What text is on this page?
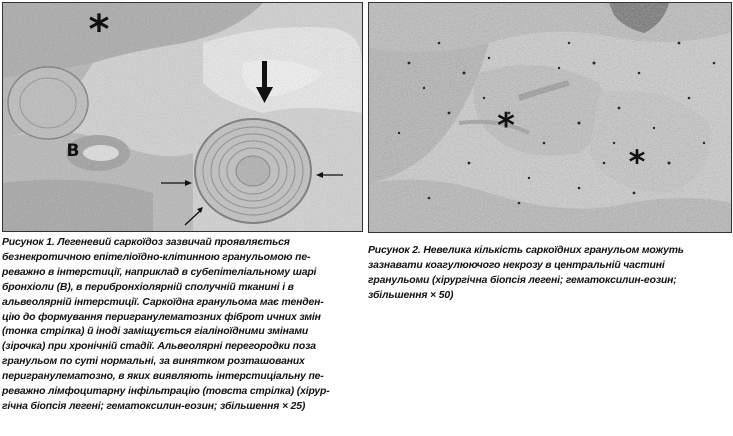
*
B
*
*

Рисунок 1. Легеневий саркоїдоз зазвичай проявляється
безнекротичною епітеліоїдно-клітинною гранульомою пе-
реважно в інтерстиції, наприклад в субепітеліальному шарі
бронхіоли (В), в перибронхіолярній сполучній тканині і в
альвеолярній інтерстиції. Саркоїдна гранульома має тенден-
цію до формування перигранулематозних фіброт ичних змін
(тонка стрілка) й іноді заміщується гіаліноїдними змінами
(зірочка) при хронічній стадії. Альвеолярні перегородки поза
гранульом по суті нормальні, за винятком розташованих
перигранулематозно, в яких виявляють інтерстиціальну пе-
реважно лімфоцитарну інфільтрацію (товста стрілка) (хірур-
гічна біопсія легені; гематоксилин-еозин; збільшення × 25)

Рисунок 2. Невелика кількість саркоїдних гранульом можуть
зазнавати коагулюючого некрозу в центральній частині
гранульоми (хірургічна біопсія легені; гематоксилин-еозин;
збільшення × 50)
